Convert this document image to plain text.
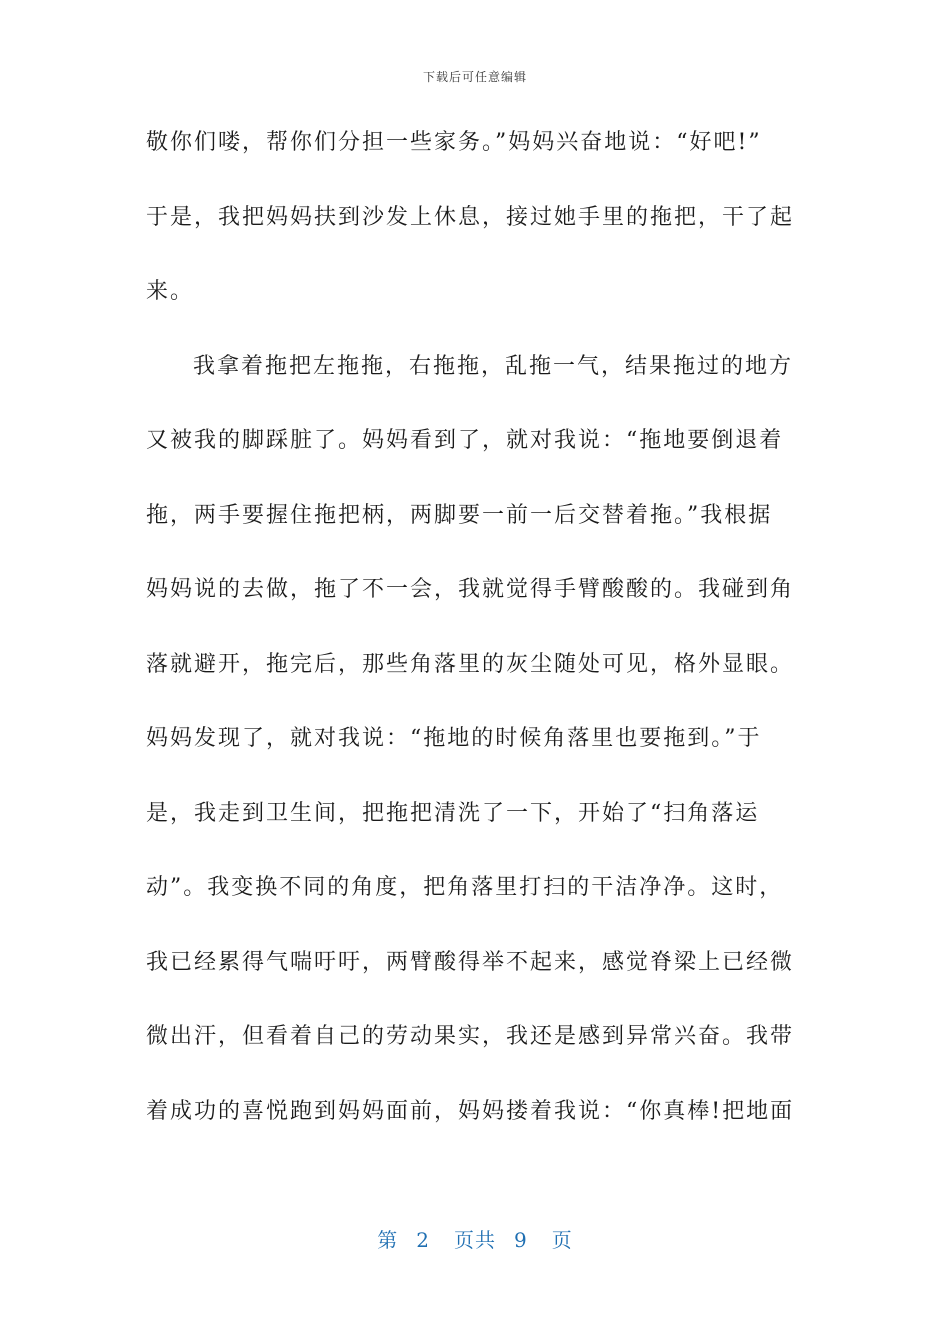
下载后可任意编辑
敬你们喽，帮你们分担一些家务。”妈妈兴奋地说：“好吧!”
于是，我把妈妈扶到沙发上休息，接过她手里的拖把，干了起
来。
我拿着拖把左拖拖，右拖拖，乱拖一气，结果拖过的地方
又被我的脚踩脏了。妈妈看到了，就对我说：“拖地要倒退着
拖，两手要握住拖把柄，两脚要一前一后交替着拖。”我根据
妈妈说的去做，拖了不一会，我就觉得手臂酸酸的。我碰到角
落就避开，拖完后，那些角落里的灰尘随处可见，格外显眼。
妈妈发现了，就对我说：“拖地的时候角落里也要拖到。”于
是，我走到卫生间，把拖把清洗了一下，开始了“扫角落运
动”。我变换不同的角度，把角落里打扫的干洁净净。这时，
我已经累得气喘吁吁，两臂酸得举不起来，感觉脊梁上已经微
微出汗，但看着自己的劳动果实，我还是感到异常兴奋。我带
着成功的喜悦跑到妈妈面前，妈妈搂着我说：“你真棒!把地面
第 2 页共 9 页
